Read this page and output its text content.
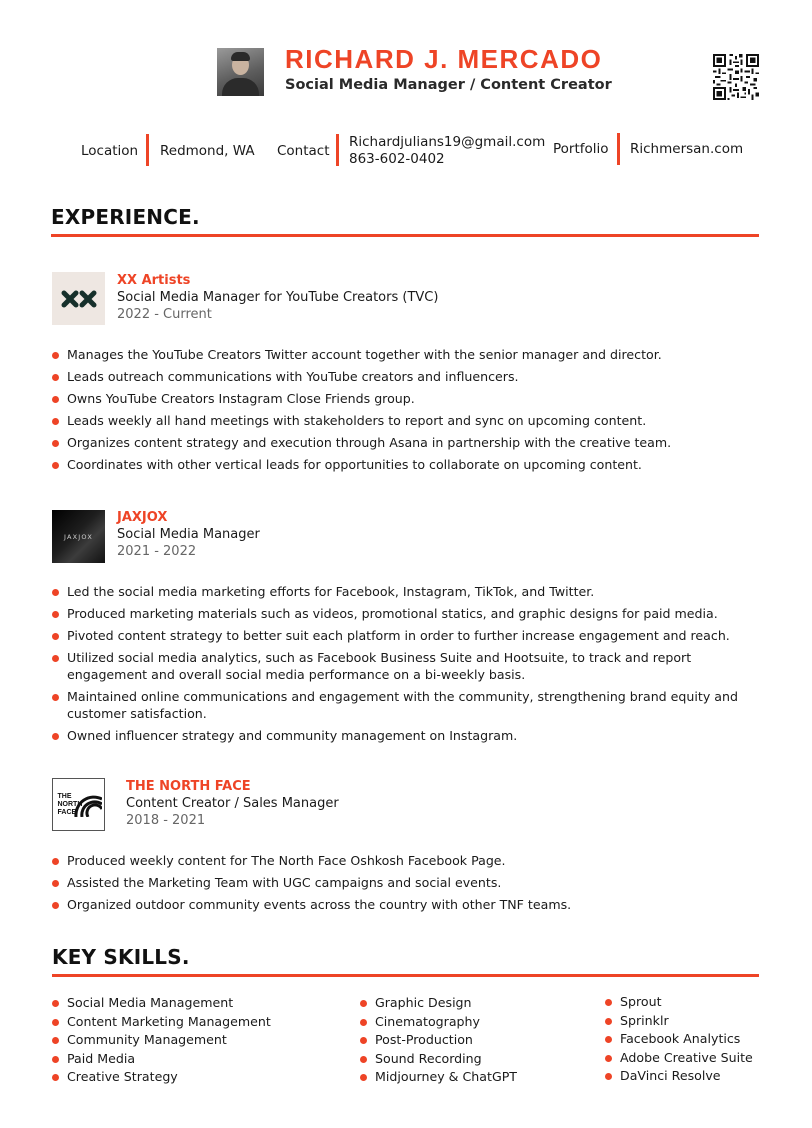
RICHARD J. MERCADO
Social Media Manager / Content Creator
Location Redmond, WA Contact
Richardjulians19@gmail.com
863-602-0402
Portfolio Richmersan.com
EXPERIENCE.
XX Artists
Social Media Manager for YouTube Creators (TVC)
2022 - Current
Manages the YouTube Creators Twitter account together with the senior manager and director.
Leads outreach communications with YouTube creators and influencers.
Owns YouTube Creators Instagram Close Friends group.
Leads weekly all hand meetings with stakeholders to report and sync on upcoming content.
Organizes content strategy and execution through Asana in partnership with the creative team.
Coordinates with other vertical leads for opportunities to collaborate on upcoming content.
JAXJOX
JAXJOX
Social Media Manager
2021 - 2022
Led the social media marketing efforts for Facebook, Instagram, TikTok, and Twitter.
Produced marketing materials such as videos, promotional statics, and graphic designs for paid media.
Pivoted content strategy to better suit each platform in order to further increase engagement and reach.
Utilized social media analytics, such as Facebook Business Suite and Hootsuite, to track and report engagement and overall social media performance on a bi-weekly basis.
Maintained online communications and engagement with the community, strengthening brand equity and customer satisfaction.
Owned influencer strategy and community management on Instagram.
THE
NORTH
FACE
THE NORTH FACE
Content Creator / Sales Manager
2018 - 2021
Produced weekly content for The North Face Oshkosh Facebook Page.
Assisted the Marketing Team with UGC campaigns and social events.
Organized outdoor community events across the country with other TNF teams.
KEY SKILLS.
Social Media Management
Content Marketing Management
Community Management
Paid Media
Creative Strategy
Graphic Design
Cinematography
Post-Production
Sound Recording
Midjourney & ChatGPT
Sprout
Sprinklr
Facebook Analytics
Adobe Creative Suite
DaVinci Resolve
